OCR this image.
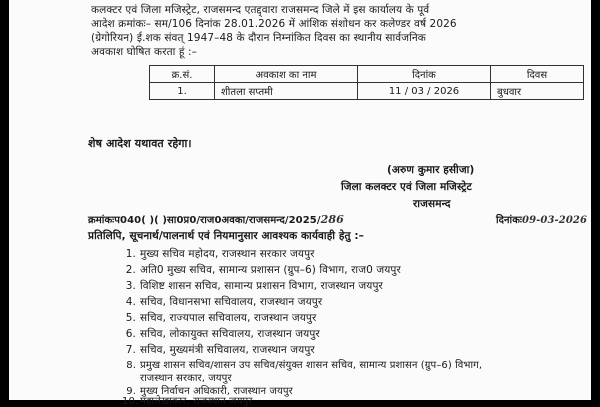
कलक्टर एवं जिला मजिस्ट्रेट, राजसमन्द एतद्द्वारा राजसमन्द जिले में इस कार्यालय के पूर्व
आदेश क्रमांकः– सम/106 दिनांक 28.01.2026 में आंशिक संशोधन कर कलेण्डर वर्ष 2026
(ग्रेगोरियन) ई.शक संवत् 1947–48 के दौरान निम्नांकित दिवस का स्थानीय सार्वजनिक
अवकाश घोषित करता हूं :–
क्र.सं.	अवकाश का नाम	दिनांक	दिवस
1.	शीतला सप्तमी	11 / 03 / 2026	बुधवार
शेष आदेश यथावत रहेगा।
(अरुण कुमार हसीजा)
जिला कलक्टर एवं जिला मजिस्ट्रेट
राजसमन्द
क्रमांकःप040( )( )सा0प्र0/राज0अवका/राजसमन्द/2025/286	दिनांकः09-03-2026
प्रतिलिपि, सूचनार्थ/पालनार्थ एवं नियमानुसार आवश्यक कार्यवाही हेतु :–
1. मुख्य सचिव महोदय, राजस्थान सरकार जयपुर
2. अति0 मुख्य सचिव, सामान्य प्रशासन (ग्रुप–6) विभाग, राज0 जयपुर
3. विशिष्ट शासन सचिव, सामान्य प्रशासन विभाग, राजस्थान जयपुर
4. सचिव, विधानसभा सचिवालय, राजस्थान जयपुर
5. सचिव, राज्यपाल सचिवालय, राजस्थान जयपुर
6. सचिव, लोकायुक्त सचिवालय, राजस्थान जयपुर
7. सचिव, मुख्यमंत्री सचिवालय, राजस्थान जयपुर
8. प्रमुख शासन सचिव/शासन उप सचिव/संयुक्त शासन सचिव, सामान्य प्रशासन (ग्रुप–6) विभाग,
राजस्थान सरकार, जयपुर
9. मुख्य निर्वाचन अधिकारी, राजस्थान जयपुर
10. महालेखाकार, राजस्थान जयपुर
